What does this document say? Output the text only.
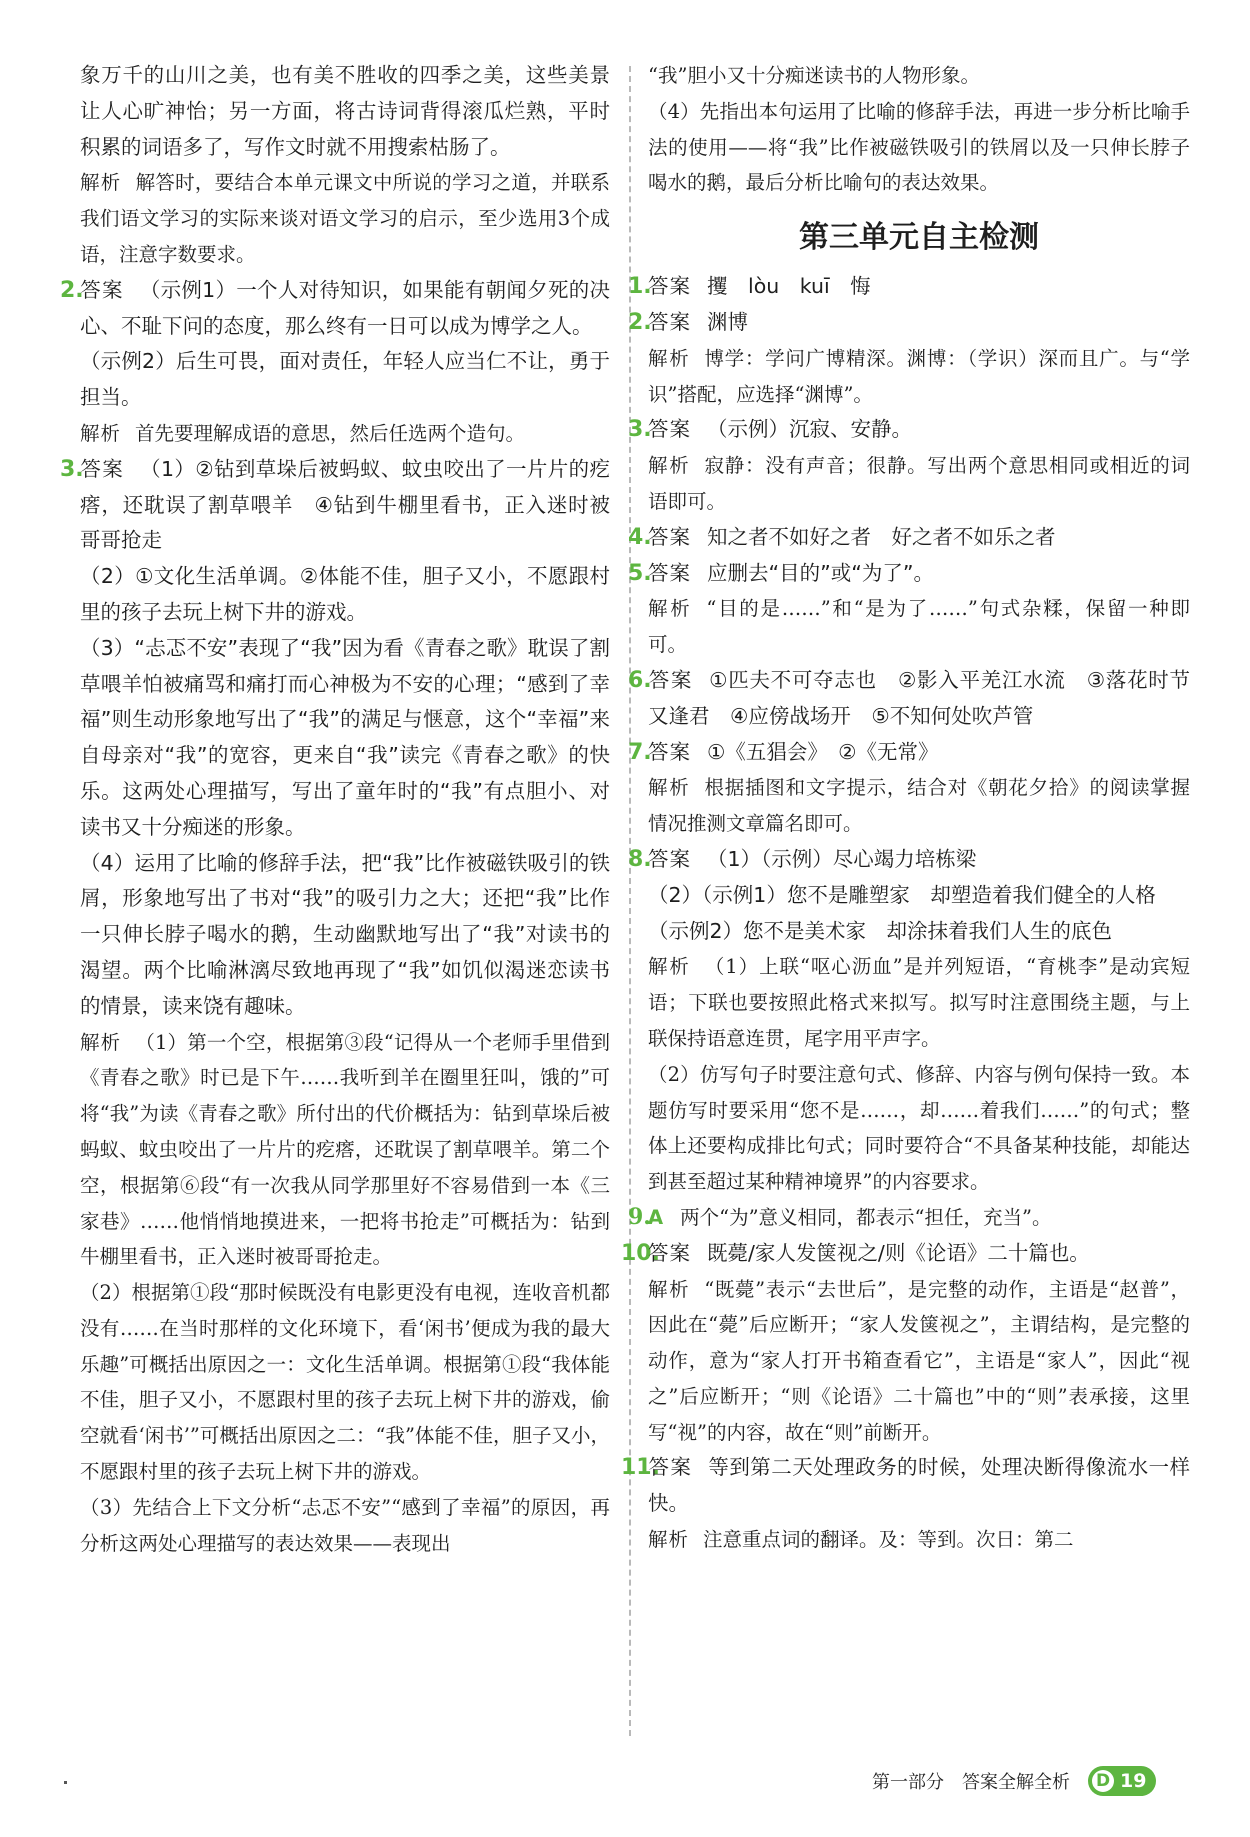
象万千的山川之美，也有美不胜收的四季之美，这些美景让人心旷神怡；另一方面，将古诗词背得滚瓜烂熟，平时积累的词语多了，写作文时就不用搜索枯肠了。

解析 解答时，要结合本单元课文中所说的学习之道，并联系我们语文学习的实际来谈对语文学习的启示，至少选用3个成语，注意字数要求。

2.答案 （示例1）一个人对待知识，如果能有朝闻夕死的决心、不耻下问的态度，那么终有一日可以成为博学之人。

（示例2）后生可畏，面对责任，年轻人应当仁不让，勇于担当。

解析 首先要理解成语的意思，然后任选两个造句。

3.答案 （1）②钻到草垛后被蚂蚁、蚊虫咬出了一片片的疙瘩，还耽误了割草喂羊　④钻到牛棚里看书，正入迷时被哥哥抢走

（2）①文化生活单调。②体能不佳，胆子又小，不愿跟村里的孩子去玩上树下井的游戏。

（3）“忐忑不安”表现了“我”因为看《青春之歌》耽误了割草喂羊怕被痛骂和痛打而心神极为不安的心理；“感到了幸福”则生动形象地写出了“我”的满足与惬意，这个“幸福”来自母亲对“我”的宽容，更来自“我”读完《青春之歌》的快乐。这两处心理描写，写出了童年时的“我”有点胆小、对读书又十分痴迷的形象。

（4）运用了比喻的修辞手法，把“我”比作被磁铁吸引的铁屑，形象地写出了书对“我”的吸引力之大；还把“我”比作一只伸长脖子喝水的鹅，生动幽默地写出了“我”对读书的渴望。两个比喻淋漓尽致地再现了“我”如饥似渴迷恋读书的情景，读来饶有趣味。

解析 （1）第一个空，根据第③段“记得从一个老师手里借到《青春之歌》时已是下午……我听到羊在圈里狂叫，饿的”可将“我”为读《青春之歌》所付出的代价概括为：钻到草垛后被蚂蚁、蚊虫咬出了一片片的疙瘩，还耽误了割草喂羊。第二个空，根据第⑥段“有一次我从同学那里好不容易借到一本《三家巷》……他悄悄地摸进来，一把将书抢走”可概括为：钻到牛棚里看书，正入迷时被哥哥抢走。

（2）根据第①段“那时候既没有电影更没有电视，连收音机都没有……在当时那样的文化环境下，看‘闲书’便成为我的最大乐趣”可概括出原因之一：文化生活单调。根据第①段“我体能不佳，胆子又小，不愿跟村里的孩子去玩上树下井的游戏，偷空就看‘闲书’”可概括出原因之二：“我”体能不佳，胆子又小，不愿跟村里的孩子去玩上树下井的游戏。

（3）先结合上下文分析“忐忑不安”“感到了幸福”的原因，再分析这两处心理描写的表达效果——表现出

“我”胆小又十分痴迷读书的人物形象。

（4）先指出本句运用了比喻的修辞手法，再进一步分析比喻手法的使用——将“我”比作被磁铁吸引的铁屑以及一只伸长脖子喝水的鹅，最后分析比喻句的表达效果。

第三单元自主检测

1.答案 攫　lòu　kuī　悔

2.答案 渊博

解析 博学：学问广博精深。渊博：（学识）深而且广。与“学识”搭配，应选择“渊博”。

3.答案 （示例）沉寂、安静。

解析 寂静：没有声音；很静。写出两个意思相同或相近的词语即可。

4.答案 知之者不如好之者　好之者不如乐之者

5.答案 应删去“目的”或“为了”。

解析 “目的是……”和“是为了……”句式杂糅，保留一种即可。

6.答案 ①匹夫不可夺志也　②影入平羌江水流　③落花时节又逢君　④应傍战场开　⑤不知何处吹芦管

7.答案 ①《五猖会》　②《无常》

解析 根据插图和文字提示，结合对《朝花夕拾》的阅读掌握情况推测文章篇名即可。

8.答案 （1）（示例）尽心竭力培栋梁

（2）（示例1）您不是雕塑家　却塑造着我们健全的人格

（示例2）您不是美术家　却涂抹着我们人生的底色

解析 （1）上联“呕心沥血”是并列短语，“育桃李”是动宾短语；下联也要按照此格式来拟写。拟写时注意围绕主题，与上联保持语意连贯，尾字用平声字。

（2）仿写句子时要注意句式、修辞、内容与例句保持一致。本题仿写时要采用“您不是……，却……着我们……”的句式；整体上还要构成排比句式；同时要符合“不具备某种技能，却能达到甚至超过某种精神境界”的内容要求。

9.A 两个“为”意义相同，都表示“担任，充当”。

10.答案 既薨/家人发箧视之/则《论语》二十篇也。

解析 “既薨”表示“去世后”，是完整的动作，主语是“赵普”，因此在“薨”后应断开；“家人发箧视之”，主谓结构，是完整的动作，意为“家人打开书箱查看它”，主语是“家人”，因此“视之”后应断开；“则《论语》二十篇也”中的“则”表承接，这里写“视”的内容，故在“则”前断开。

11.答案 等到第二天处理政务的时候，处理决断得像流水一样快。

解析 注意重点词的翻译。及：等到。次日：第二

第一部分 答案全解全析 D 19
